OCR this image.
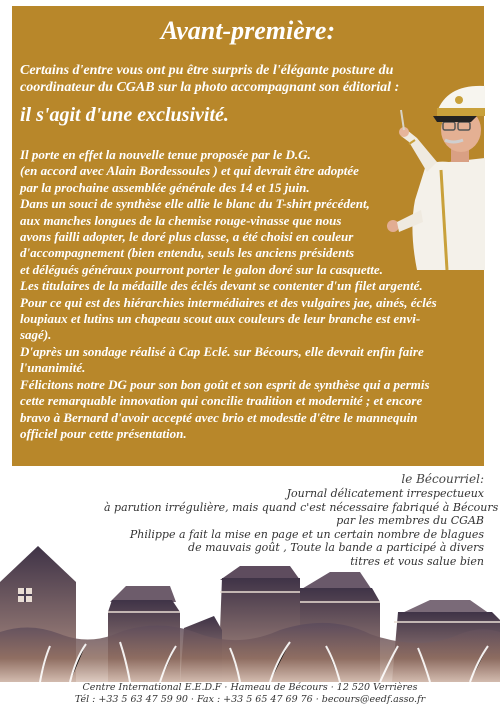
Avant-première:

Certains d'entre vous ont pu être surpris de l'élégante posture du coordinateur du CGAB sur la photo accompagnant son éditorial :

il s'agit d'une exclusivité.

Il porte en effet la nouvelle tenue proposée par le D.G.
(en accord avec Alain Bordessoules ) et qui devrait être adoptée
par la prochaine assemblée générale des 14 et 15 juin.
Dans un souci de synthèse elle allie le blanc du T-shirt précédent,
aux manches longues de la chemise rouge-vinasse que nous
avons failli adopter, le doré plus classe, a été choisi en couleur
d'accompagnement (bien entendu, seuls les anciens présidents
et délégués généraux pourront porter le galon doré sur la casquette.
Les titulaires de la médaille des éclés devant se contenter d'un filet argenté.
Pour ce qui est des hiérarchies intermédiaires et des vulgaires jae, ainés, éclés
loupiaux et lutins un chapeau scout aux couleurs de leur branche est envi-
sagé).
D'après un sondage réalisé à Cap Eclé. sur Bécours, elle devrait enfin faire
l'unanimité.
Félicitons notre DG pour son bon goût et son esprit de synthèse qui a permis
cette remarquable innovation qui concilie tradition et modernité ; et encore
bravo à Bernard d'avoir accepté avec brio et modestie d'être le mannequin
officiel pour cette présentation.

le Bécourriel:

Journal délicatement irrespectueux
à parution irrégulière, mais quand c'est nécessaire fabriqué à Bécours
par les membres du CGAB
Philippe a fait la mise en page et un certain nombre de blagues
de mauvais goût , Toute la bande a participé à divers
titres et vous salue bien

Centre International E.E.D.F · Hameau de Bécours · 12 520 Verrières

Tél : +33 5 63 47 59 90 · Fax : +33 5 65 47 69 76 · becours@eedf.asso.fr
